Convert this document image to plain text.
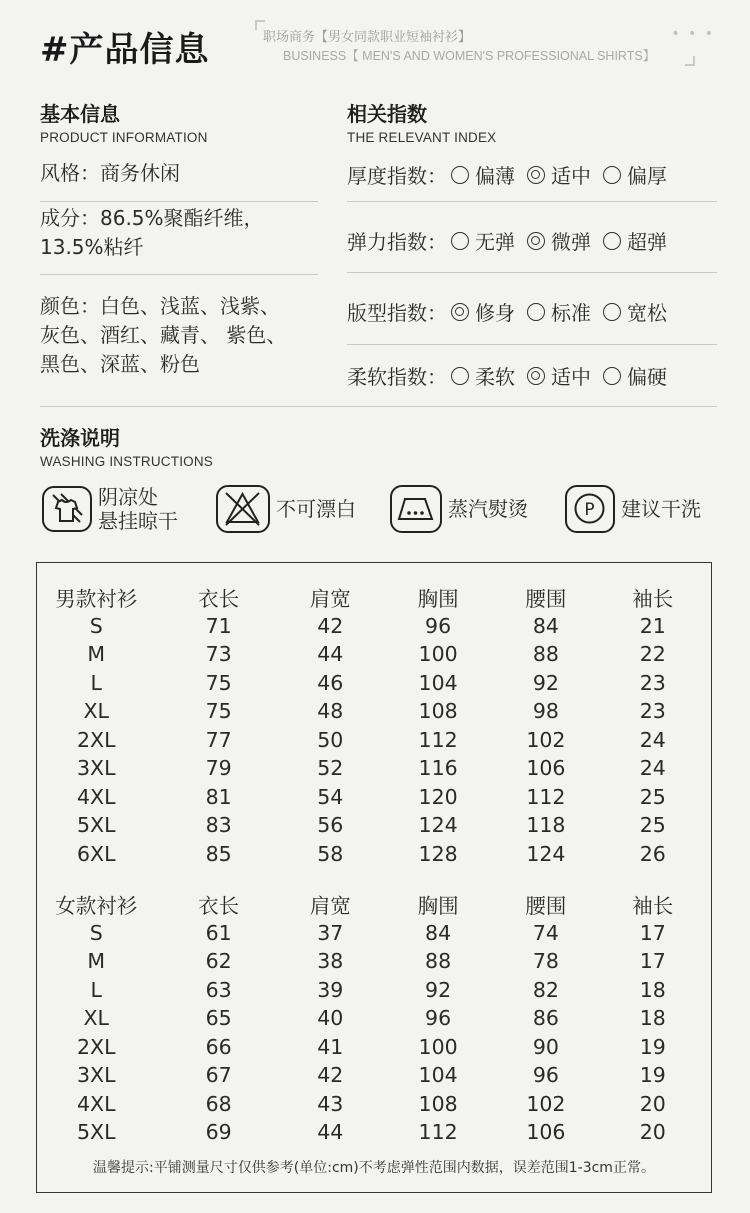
#产品信息	职场商务【男女同款职业短袖衬衫】
BUSINESS【 MEN'S AND WOMEN'S PROFESSIONAL SHIRTS】
• • •
基本信息
PRODUCT INFORMATION
相关指数
THE RELEVANT INDEX
风格：商务休闲
成分：86.5%聚酯纤维，
13.5%粘纤
颜色：白色、浅蓝、浅紫、
灰色、酒红、藏青、 紫色、
黑色、深蓝、粉色
厚度指数： 偏薄 适中 偏厚
弹力指数： 无弹 微弹 超弹
版型指数： 修身 标准 宽松
柔软指数： 柔软 适中 偏硬
洗涤说明
WASHING INSTRUCTIONS
阴凉处
悬挂晾干	不可漂白	蒸汽熨烫	P 建议干洗
男款衬衫	衣长	肩宽	胸围	腰围	袖长
S	71	42	96	84	21
M	73	44	100	88	22
L	75	46	104	92	23
XL	75	48	108	98	23
2XL	77	50	112	102	24
3XL	79	52	116	106	24
4XL	81	54	120	112	25
5XL	83	56	124	118	25
6XL	85	58	128	124	26
女款衬衫	衣长	肩宽	胸围	腰围	袖长
S	61	37	84	74	17
M	62	38	88	78	17
L	63	39	92	82	18
XL	65	40	96	86	18
2XL	66	41	100	90	19
3XL	67	42	104	96	19
4XL	68	43	108	102	20
5XL	69	44	112	106	20
温馨提示:平铺测量尺寸仅供参考(单位:cm)不考虑弹性范围内数据，误差范围1-3cm正常。
